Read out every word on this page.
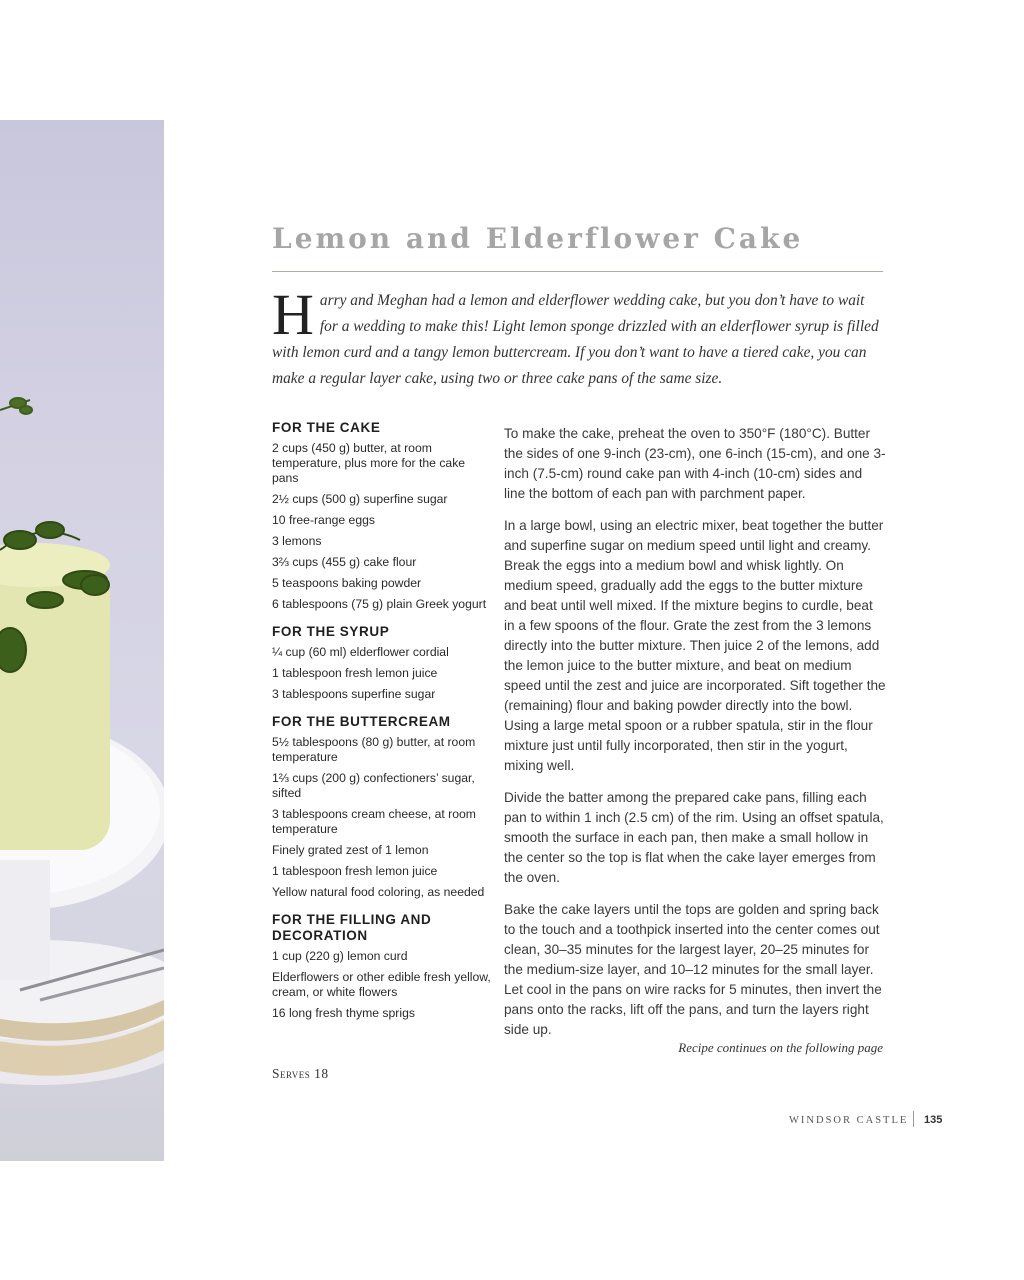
Lemon and Elderflower Cake

Harry and Meghan had a lemon and elderflower wedding cake, but you don’t have to wait for a wedding to make this! Light lemon sponge drizzled with an elderflower syrup is filled with lemon curd and a tangy lemon buttercream. If you don’t want to have a tiered cake, you can make a regular layer cake, using two or three cake pans of the same size.

FOR THE CAKE
2 cups (450 g) butter, at room temperature, plus more for the cake pans
2½ cups (500 g) superfine sugar
10 free-range eggs
3 lemons
3⅔ cups (455 g) cake flour
5 teaspoons baking powder
6 tablespoons (75 g) plain Greek yogurt
FOR THE SYRUP
¼ cup (60 ml) elderflower cordial
1 tablespoon fresh lemon juice
3 tablespoons superfine sugar
FOR THE BUTTERCREAM
5½ tablespoons (80 g) butter, at room temperature
1⅔ cups (200 g) confectioners’ sugar, sifted
3 tablespoons cream cheese, at room temperature
Finely grated zest of 1 lemon
1 tablespoon fresh lemon juice
Yellow natural food coloring, as needed
FOR THE FILLING AND DECORATION
1 cup (220 g) lemon curd
Elderflowers or other edible fresh yellow, cream, or white flowers
16 long fresh thyme sprigs
Serves 18

To make the cake, preheat the oven to 350°F (180°C). Butter the sides of one 9-inch (23-cm), one 6-inch (15-cm), and one 3-inch (7.5-cm) round cake pan with 4-inch (10-cm) sides and line the bottom of each pan with parchment paper.

In a large bowl, using an electric mixer, beat together the butter and superfine sugar on medium speed until light and creamy. Break the eggs into a medium bowl and whisk lightly. On medium speed, gradually add the eggs to the butter mixture and beat until well mixed. If the mixture begins to curdle, beat in a few spoons of the flour. Grate the zest from the 3 lemons directly into the butter mixture. Then juice 2 of the lemons, add the lemon juice to the butter mixture, and beat on medium speed until the zest and juice are incorporated. Sift together the (remaining) flour and baking powder directly into the bowl. Using a large metal spoon or a rubber spatula, stir in the flour mixture just until fully incorporated, then stir in the yogurt, mixing well.

Divide the batter among the prepared cake pans, filling each pan to within 1 inch (2.5 cm) of the rim. Using an offset spatula, smooth the surface in each pan, then make a small hollow in the center so the top is flat when the cake layer emerges from the oven.

Bake the cake layers until the tops are golden and spring back to the touch and a toothpick inserted into the center comes out clean, 30–35 minutes for the largest layer, 20–25 minutes for the medium-size layer, and 10–12 minutes for the small layer. Let cool in the pans on wire racks for 5 minutes, then invert the pans onto the racks, lift off the pans, and turn the layers right side up.

Recipe continues on the following page
WINDSOR CASTLE 135
